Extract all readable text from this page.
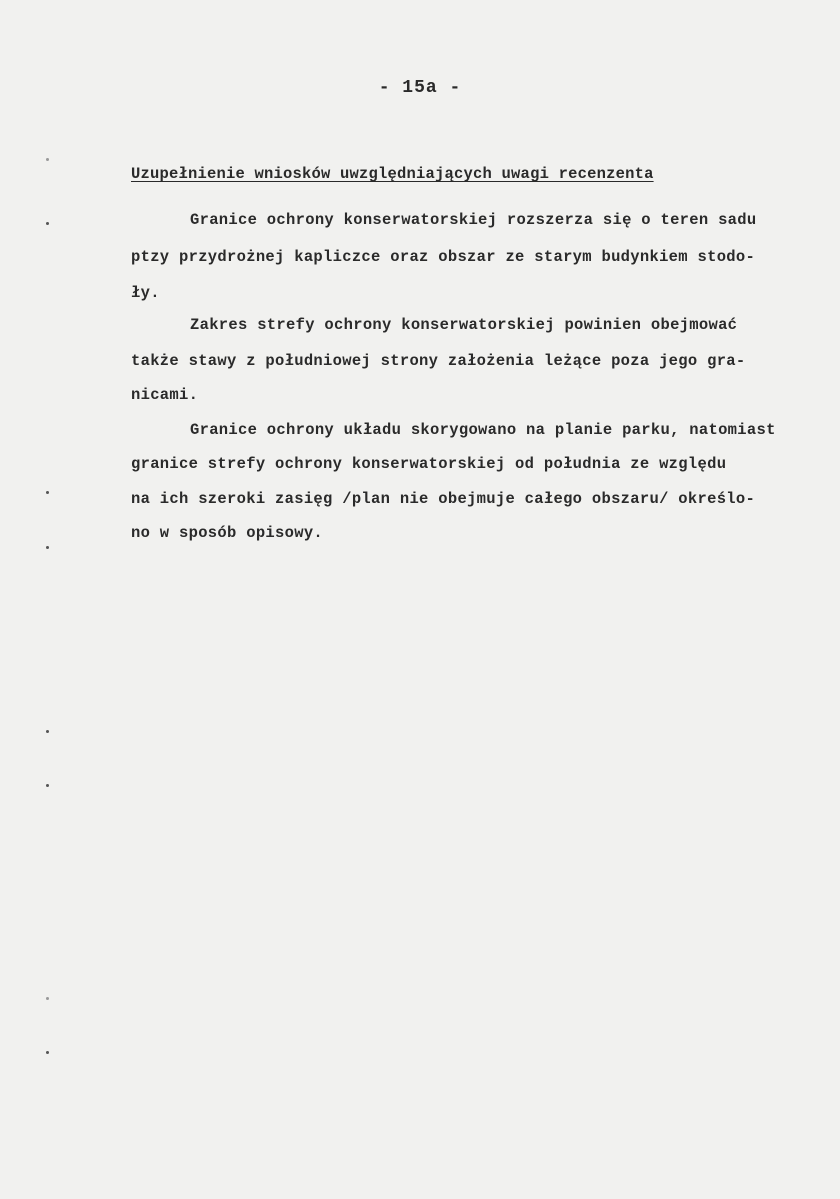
- 15a -
Uzupełnienie wniosków uwzględniających uwagi recenzenta
Granice ochrony konserwatorskiej rozszerza się o teren sadu
ptzy przydrożnej kapliczce oraz obszar ze starym budynkiem stodo-
ły.
Zakres strefy ochrony konserwatorskiej powinien obejmować
także stawy z południowej strony założenia leżące poza jego gra-
nicami.
Granice ochrony układu skorygowano na planie parku, natomiast
granice strefy ochrony konserwatorskiej od południa ze względu
na ich szeroki zasięg /plan nie obejmuje całego obszaru/ określo-
no w sposób opisowy.
